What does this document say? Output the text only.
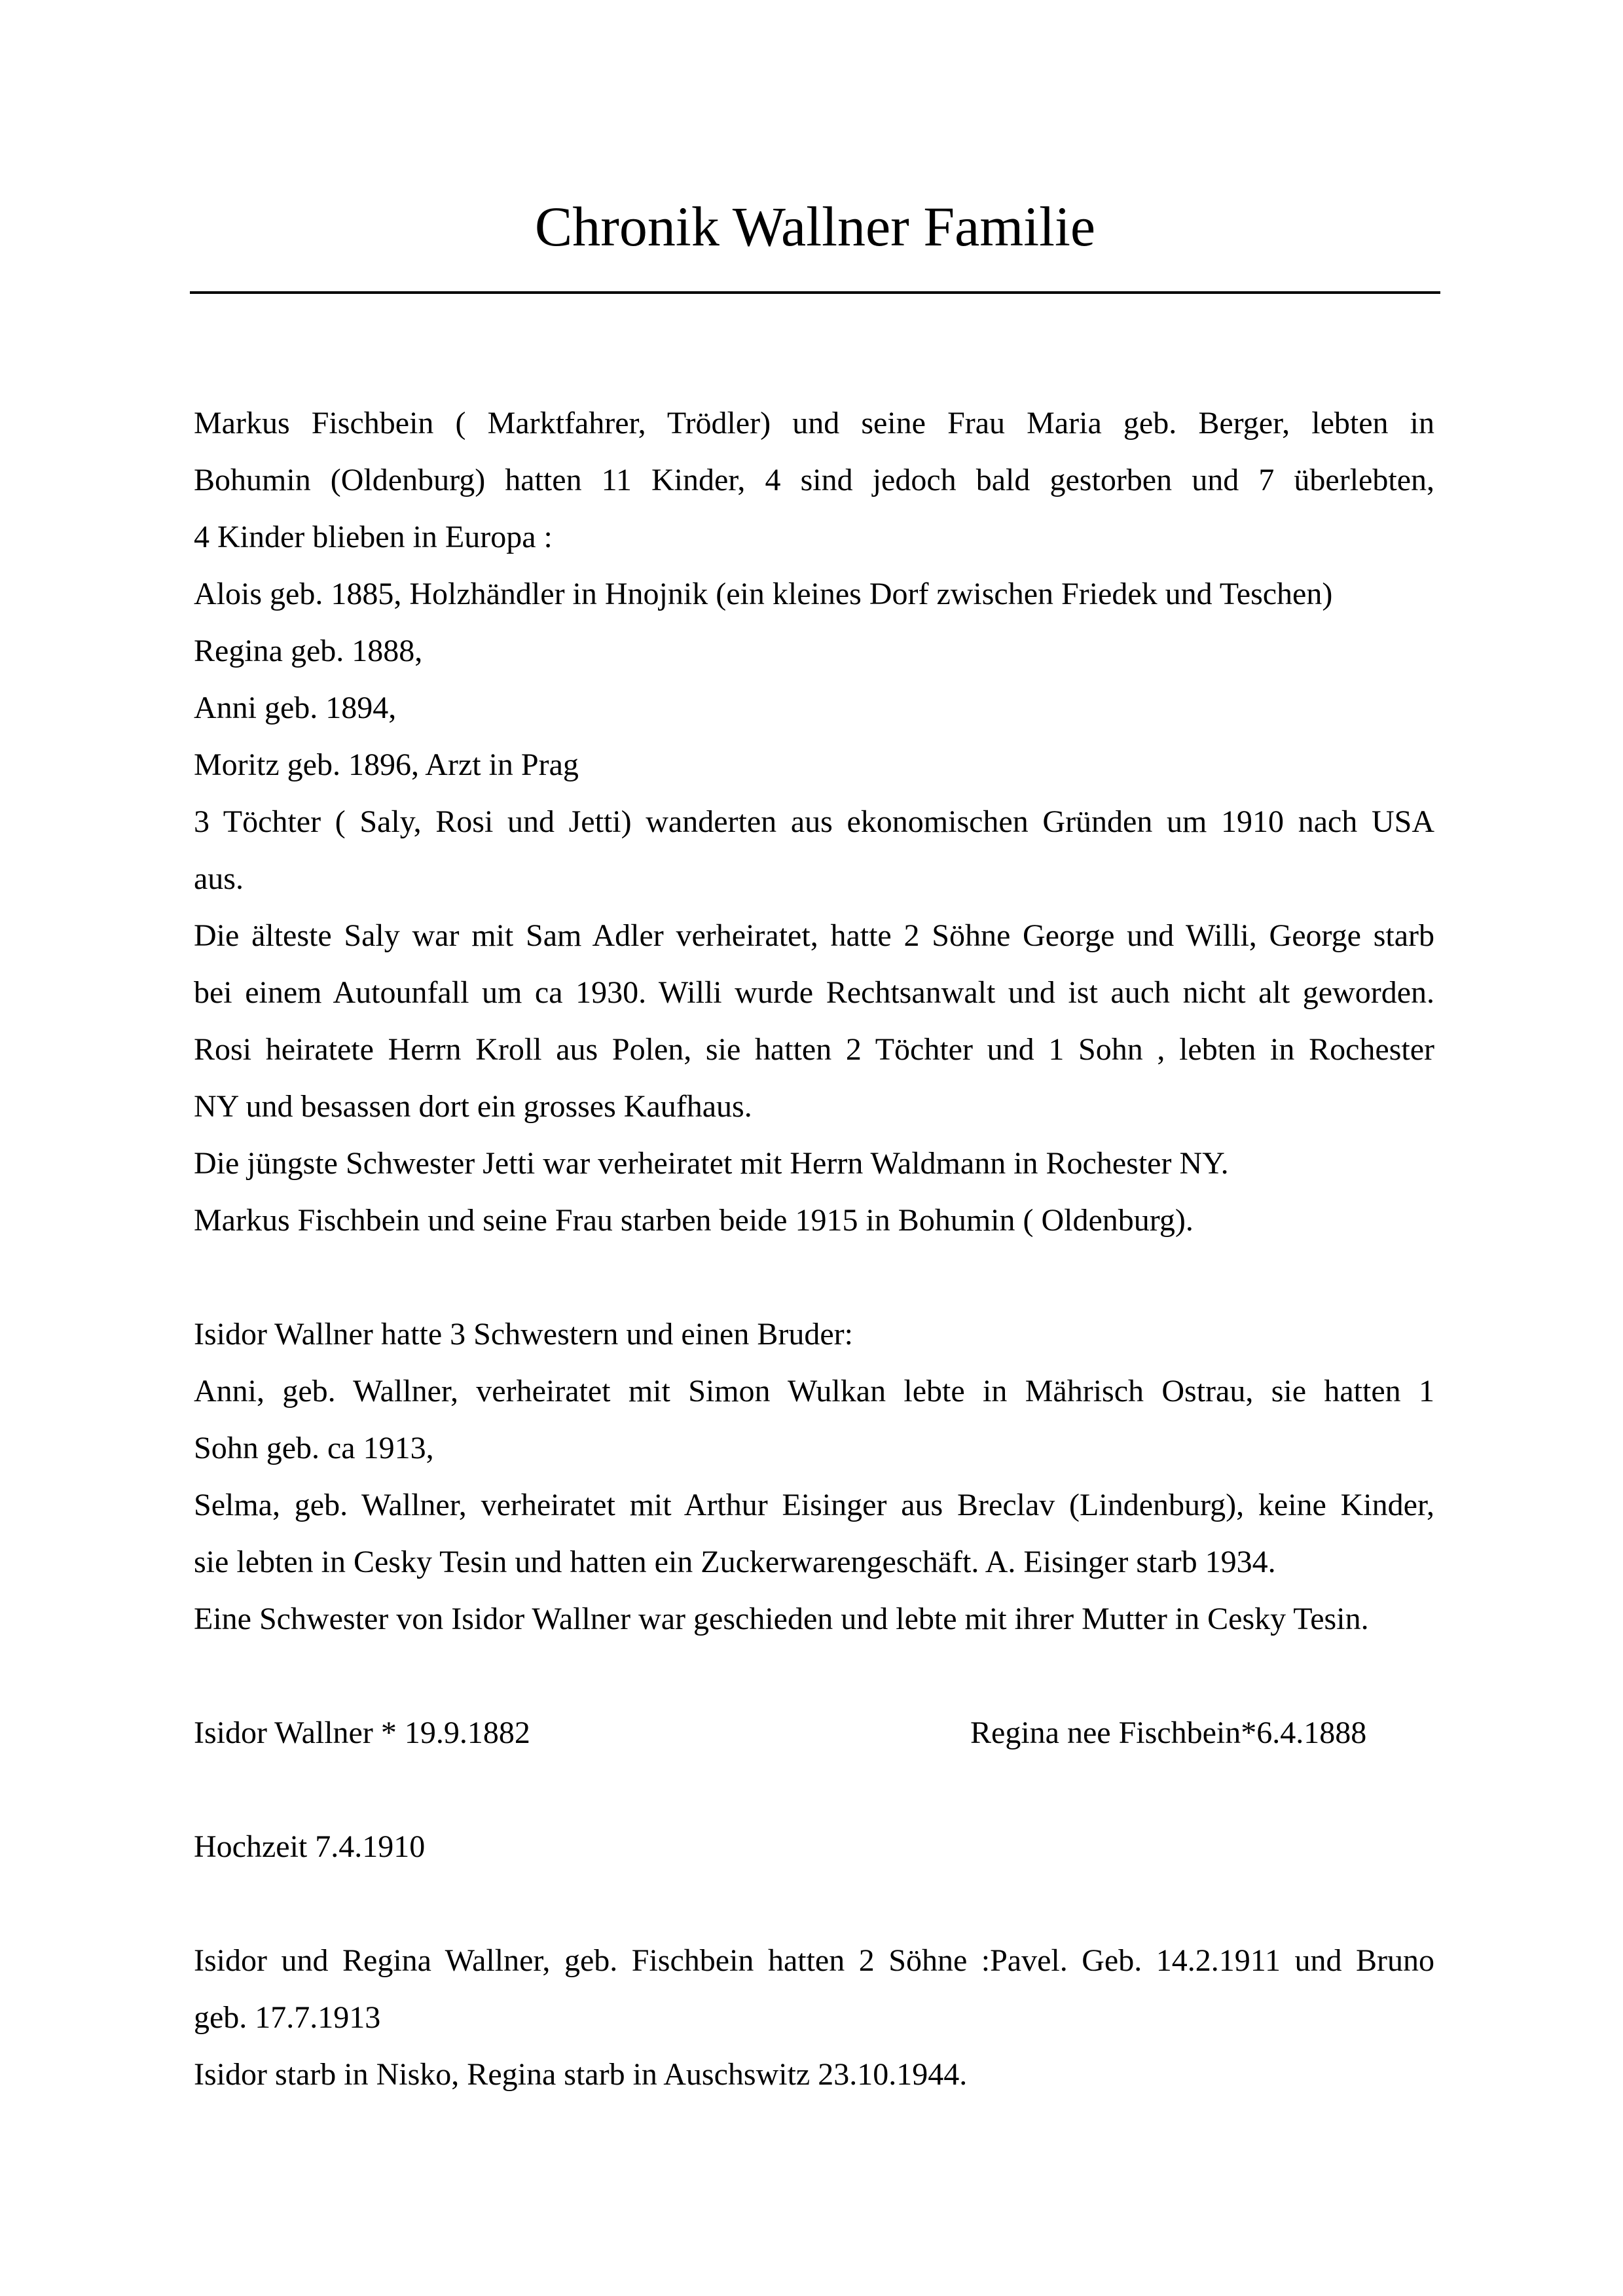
Chronik Wallner Familie

Markus Fischbein ( Marktfahrer, Trödler) und seine Frau Maria geb. Berger, lebten in

Bohumin (Oldenburg) hatten 11 Kinder, 4 sind jedoch bald gestorben und 7 überlebten,

4 Kinder blieben in Europa :

Alois geb. 1885, Holzhändler in Hnojnik (ein kleines Dorf zwischen Friedek und Teschen)

Regina geb. 1888,

Anni geb. 1894,

Moritz geb. 1896, Arzt in Prag

3 Töchter ( Saly, Rosi und Jetti) wanderten aus ekonomischen Gründen um 1910 nach USA

aus.

Die älteste Saly war mit Sam Adler verheiratet, hatte 2 Söhne George und Willi, George starb

bei einem Autounfall um ca 1930. Willi wurde Rechtsanwalt und ist auch nicht alt geworden.

Rosi heiratete Herrn Kroll aus Polen, sie hatten 2 Töchter und 1 Sohn , lebten in Rochester

NY und besassen dort ein grosses Kaufhaus.

Die jüngste Schwester Jetti war verheiratet mit Herrn Waldmann in Rochester NY.

Markus Fischbein und seine Frau starben beide 1915 in Bohumin ( Oldenburg).

Isidor Wallner hatte 3 Schwestern und einen Bruder:

Anni, geb. Wallner, verheiratet mit Simon Wulkan lebte in Mährisch Ostrau, sie hatten 1

Sohn geb. ca 1913,

Selma, geb. Wallner, verheiratet mit Arthur Eisinger aus Breclav (Lindenburg), keine Kinder,

sie lebten in Cesky Tesin und hatten ein Zuckerwarengeschäft. A. Eisinger starb 1934.

Eine Schwester von Isidor Wallner war geschieden und lebte mit ihrer Mutter in Cesky Tesin.

Isidor Wallner * 19.9.1882	Regina nee Fischbein*6.4.1888

Hochzeit 7.4.1910

Isidor und Regina Wallner, geb. Fischbein hatten 2 Söhne :Pavel. Geb. 14.2.1911 und Bruno

geb. 17.7.1913

Isidor starb in Nisko, Regina starb in Auschswitz 23.10.1944.
